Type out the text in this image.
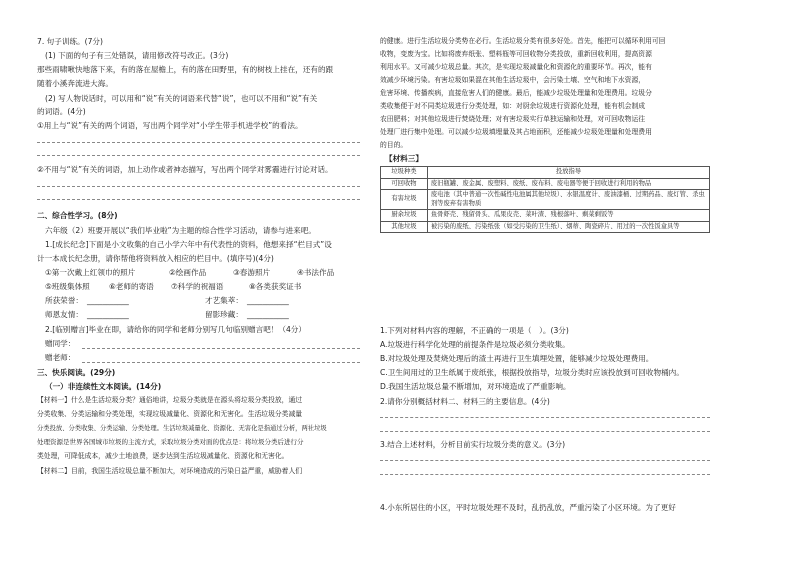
7. 句子训练。(7分)
(1) 下面的句子有三处错误，请用修改符号改正。(3分)
那些雨啸啾快地落下来，有的落在屋檐上，有的落在田野里，有的树枝上挂在，还有的跟
随着小溪奔流进大海。
(2) 写人物说话时，可以用和“说”有关的词语来代替“说”，也可以不用和“说”有关
的词语。(4分)
①用上与“说”有关的两个词语，写出两个同学对“小学生带手机进学校”的看法。
②不用与“说”有关的词语，加上动作或者神态描写，写出两个同学对雾霾进行讨论对话。
二、综合性学习。(8分)
六年级（2）班要开展以“我们毕业啦”为主题的综合性学习活动，请参与进来吧。
1.[成长纪念]下面是小文收集的自己小学六年中有代表性的资料，他想来择“栏目式”设
计一本成长纪念册，请你帮他将资料放入相应的栏目中。(填序号)(4分)
①第一次戴上红领巾的照片	②绘画作品	③春游照片	④书法作品
⑤班级集体照	⑥老师的寄语 ⑦科学的祝福语	⑧各类获奖证书
所获荣誉： ___________	才艺集萃： ___________
师恩友情： ___________	留影珍藏： ___________
2.[临别赠言]毕业在即，请给你的同学和老师分别写几句临别赠言吧！（4分）
赠同学：
赠老师：
三、快乐阅读。(29分)
（一）非连续性文本阅读。(14分)
【材料一】什么是生活垃圾分类？通俗地讲，垃圾分类就是在源头将垃圾分类投放，通过
分类收集、分类运输和分类处理，实现垃圾减量化、资源化和无害化。生活垃圾分类减量
分类投放、分类收集、分类运输、分类处理。生活垃圾减量化、资源化、无害化是指通过分析，两社垃圾
处理资源是世界各国城市垃圾的主流方式，采取垃圾分类对面的优点是：将垃圾分类后进行分
类处理，可降低成本，减少土地浪费，逐步达到生活垃圾减量化、资源化和无害化。
【材料二】目前，我国生活垃圾总量不断加大，对环境造成的污染日益严重，威胁着人们
的健康。进行生活垃圾分类势在必行。生活垃圾分类有很多好处。首先，能把可以循环利用可回
收物，变废为宝。比如将废弃纸张、塑料瓶等可回收物分类投放，重新回收利用，提高资源
利用水平。又可减少垃圾总量。其次，是实现垃圾减量化和资源化的重要环节。再次，能有
效减少环境污染。有害垃圾如果混在其他生活垃圾中，会污染土壤、空气和地下水资源，
危害环境、传播疾病，直接危害人们的健康。最后，能减少垃圾处理量和处理费用。垃圾分
类收集便于对不同类垃圾进行分类处理，如：对厨余垃圾进行资源化处理，能有机会制成
农田肥料；对其他垃圾进行焚烧处理；对有害垃圾实行单独运输和处理，对可回收物运往
处理厂进行集中处理。可以减少垃圾填埋量及其占地面积，还能减少垃圾处理量和处理费用
的目的。
【材料三】
垃圾种类	投放指导
可回收物	废旧瓶罐、废金属、废塑料、废纸、废布料、废电器等便于回收进行利用的物品
有害垃圾	废电池（其中普通一次性碱性电池属其他垃圾）、水银温度计、废油漆桶、过期药品、废灯管、杀虫剂等废弃有害物质
厨余垃圾	鱼骨虾壳、残留骨头、瓜果皮壳、菜叶渣、残根落叶、剩菜剩饭等
其他垃圾	被污染的废纸、污染纸张（如受污染的卫生纸）、烟蒂、陶瓷碎片、用过的一次性饭盒具等
1.下列对材料内容的理解，不正确的一项是（　）。(3分)
A.垃圾进行科学化处理的前提条件是垃圾必须分类收集。
B.对垃圾处理及焚烧处理后的渣土再进行卫生填埋处置，能够减少垃圾处理费用。
C.卫生间用过的卫生纸属于废纸张，根据投放指导，垃圾分类时应该投放到可回收物桶内。
D.我国生活垃圾总量不断增加，对环境造成了严重影响。
2.请你分别概括材料二、材料三的主要信息。(4分)
3.结合上述材料，分析目前实行垃圾分类的意义。(3分)
4.小东所居住的小区，平时垃圾处理不及时，乱扔乱放，严重污染了小区环境。为了更好
